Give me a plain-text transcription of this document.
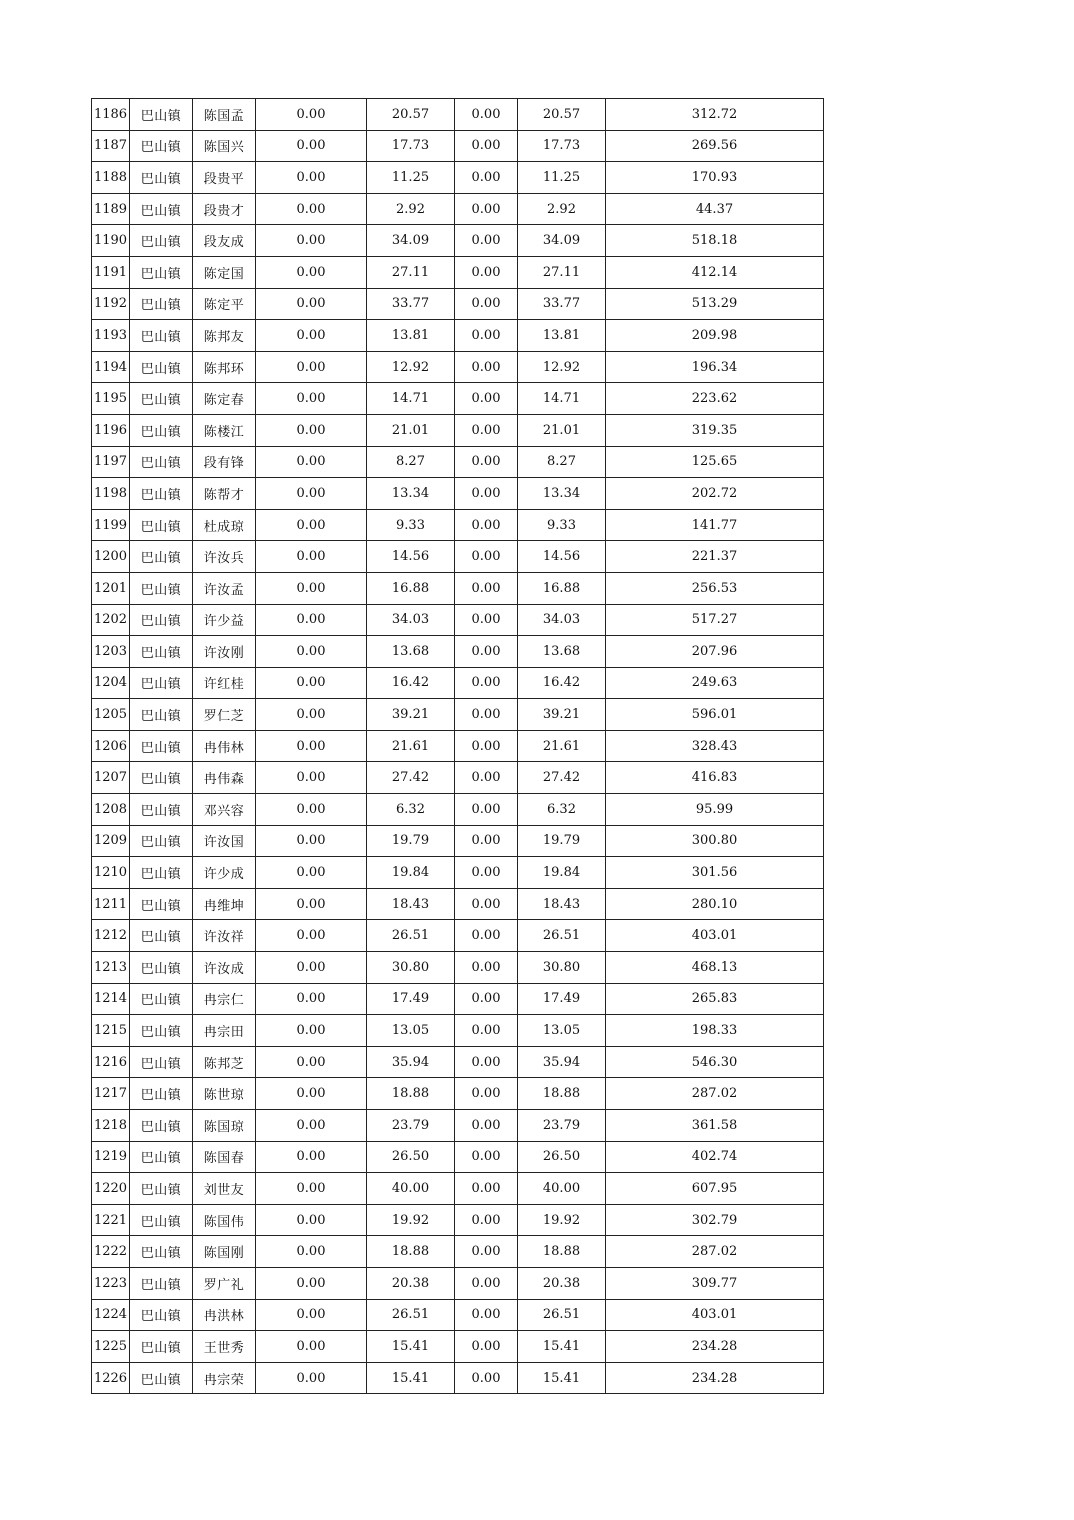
1186	巴山镇	陈国孟	0.00	20.57	0.00	20.57	312.72
1187	巴山镇	陈国兴	0.00	17.73	0.00	17.73	269.56
1188	巴山镇	段贵平	0.00	11.25	0.00	11.25	170.93
1189	巴山镇	段贵才	0.00	2.92	0.00	2.92	44.37
1190	巴山镇	段友成	0.00	34.09	0.00	34.09	518.18
1191	巴山镇	陈定国	0.00	27.11	0.00	27.11	412.14
1192	巴山镇	陈定平	0.00	33.77	0.00	33.77	513.29
1193	巴山镇	陈邦友	0.00	13.81	0.00	13.81	209.98
1194	巴山镇	陈邦环	0.00	12.92	0.00	12.92	196.34
1195	巴山镇	陈定春	0.00	14.71	0.00	14.71	223.62
1196	巴山镇	陈楼江	0.00	21.01	0.00	21.01	319.35
1197	巴山镇	段有锋	0.00	8.27	0.00	8.27	125.65
1198	巴山镇	陈帮才	0.00	13.34	0.00	13.34	202.72
1199	巴山镇	杜成琼	0.00	9.33	0.00	9.33	141.77
1200	巴山镇	许汝兵	0.00	14.56	0.00	14.56	221.37
1201	巴山镇	许汝孟	0.00	16.88	0.00	16.88	256.53
1202	巴山镇	许少益	0.00	34.03	0.00	34.03	517.27
1203	巴山镇	许汝刚	0.00	13.68	0.00	13.68	207.96
1204	巴山镇	许红桂	0.00	16.42	0.00	16.42	249.63
1205	巴山镇	罗仁芝	0.00	39.21	0.00	39.21	596.01
1206	巴山镇	冉伟林	0.00	21.61	0.00	21.61	328.43
1207	巴山镇	冉伟森	0.00	27.42	0.00	27.42	416.83
1208	巴山镇	邓兴容	0.00	6.32	0.00	6.32	95.99
1209	巴山镇	许汝国	0.00	19.79	0.00	19.79	300.80
1210	巴山镇	许少成	0.00	19.84	0.00	19.84	301.56
1211	巴山镇	冉维坤	0.00	18.43	0.00	18.43	280.10
1212	巴山镇	许汝祥	0.00	26.51	0.00	26.51	403.01
1213	巴山镇	许汝成	0.00	30.80	0.00	30.80	468.13
1214	巴山镇	冉宗仁	0.00	17.49	0.00	17.49	265.83
1215	巴山镇	冉宗田	0.00	13.05	0.00	13.05	198.33
1216	巴山镇	陈邦芝	0.00	35.94	0.00	35.94	546.30
1217	巴山镇	陈世琼	0.00	18.88	0.00	18.88	287.02
1218	巴山镇	陈国琼	0.00	23.79	0.00	23.79	361.58
1219	巴山镇	陈国春	0.00	26.50	0.00	26.50	402.74
1220	巴山镇	刘世友	0.00	40.00	0.00	40.00	607.95
1221	巴山镇	陈国伟	0.00	19.92	0.00	19.92	302.79
1222	巴山镇	陈国刚	0.00	18.88	0.00	18.88	287.02
1223	巴山镇	罗广礼	0.00	20.38	0.00	20.38	309.77
1224	巴山镇	冉洪林	0.00	26.51	0.00	26.51	403.01
1225	巴山镇	王世秀	0.00	15.41	0.00	15.41	234.28
1226	巴山镇	冉宗荣	0.00	15.41	0.00	15.41	234.28
